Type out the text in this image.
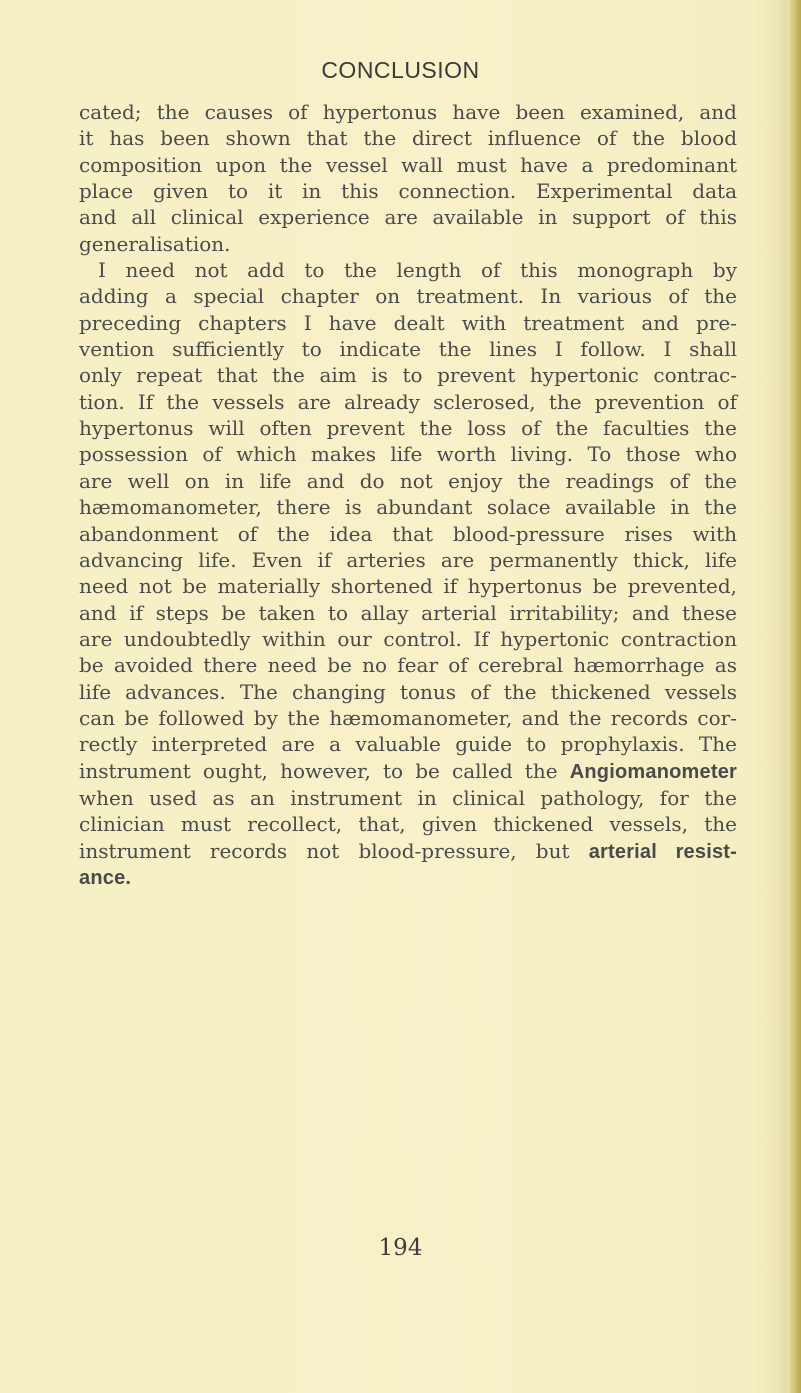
CONCLUSION
cated; the causes of hypertonus have been examined, and
it has been shown that the direct influence of the blood
composition upon the vessel wall must have a predominant
place given to it in this connection. Experimental data
and all clinical experience are available in support of this
generalisation.
I need not add to the length of this monograph by
adding a special chapter on treatment. In various of the
preceding chapters I have dealt with treatment and pre-
vention sufficiently to indicate the lines I follow. I shall
only repeat that the aim is to prevent hypertonic contrac-
tion. If the vessels are already sclerosed, the prevention of
hypertonus will often prevent the loss of the faculties the
possession of which makes life worth living. To those who
are well on in life and do not enjoy the readings of the
hæmomanometer, there is abundant solace available in the
abandonment of the idea that blood-pressure rises with
advancing life. Even if arteries are permanently thick, life
need not be materially shortened if hypertonus be prevented,
and if steps be taken to allay arterial irritability; and these
are undoubtedly within our control. If hypertonic contraction
be avoided there need be no fear of cerebral hæmorrhage as
life advances. The changing tonus of the thickened vessels
can be followed by the hæmomanometer, and the records cor-
rectly interpreted are a valuable guide to prophylaxis. The
instrument ought, however, to be called the Angiomanometer
when used as an instrument in clinical pathology, for the
clinician must recollect, that, given thickened vessels, the
instrument records not blood-pressure, but arterial resist-
ance.
194
